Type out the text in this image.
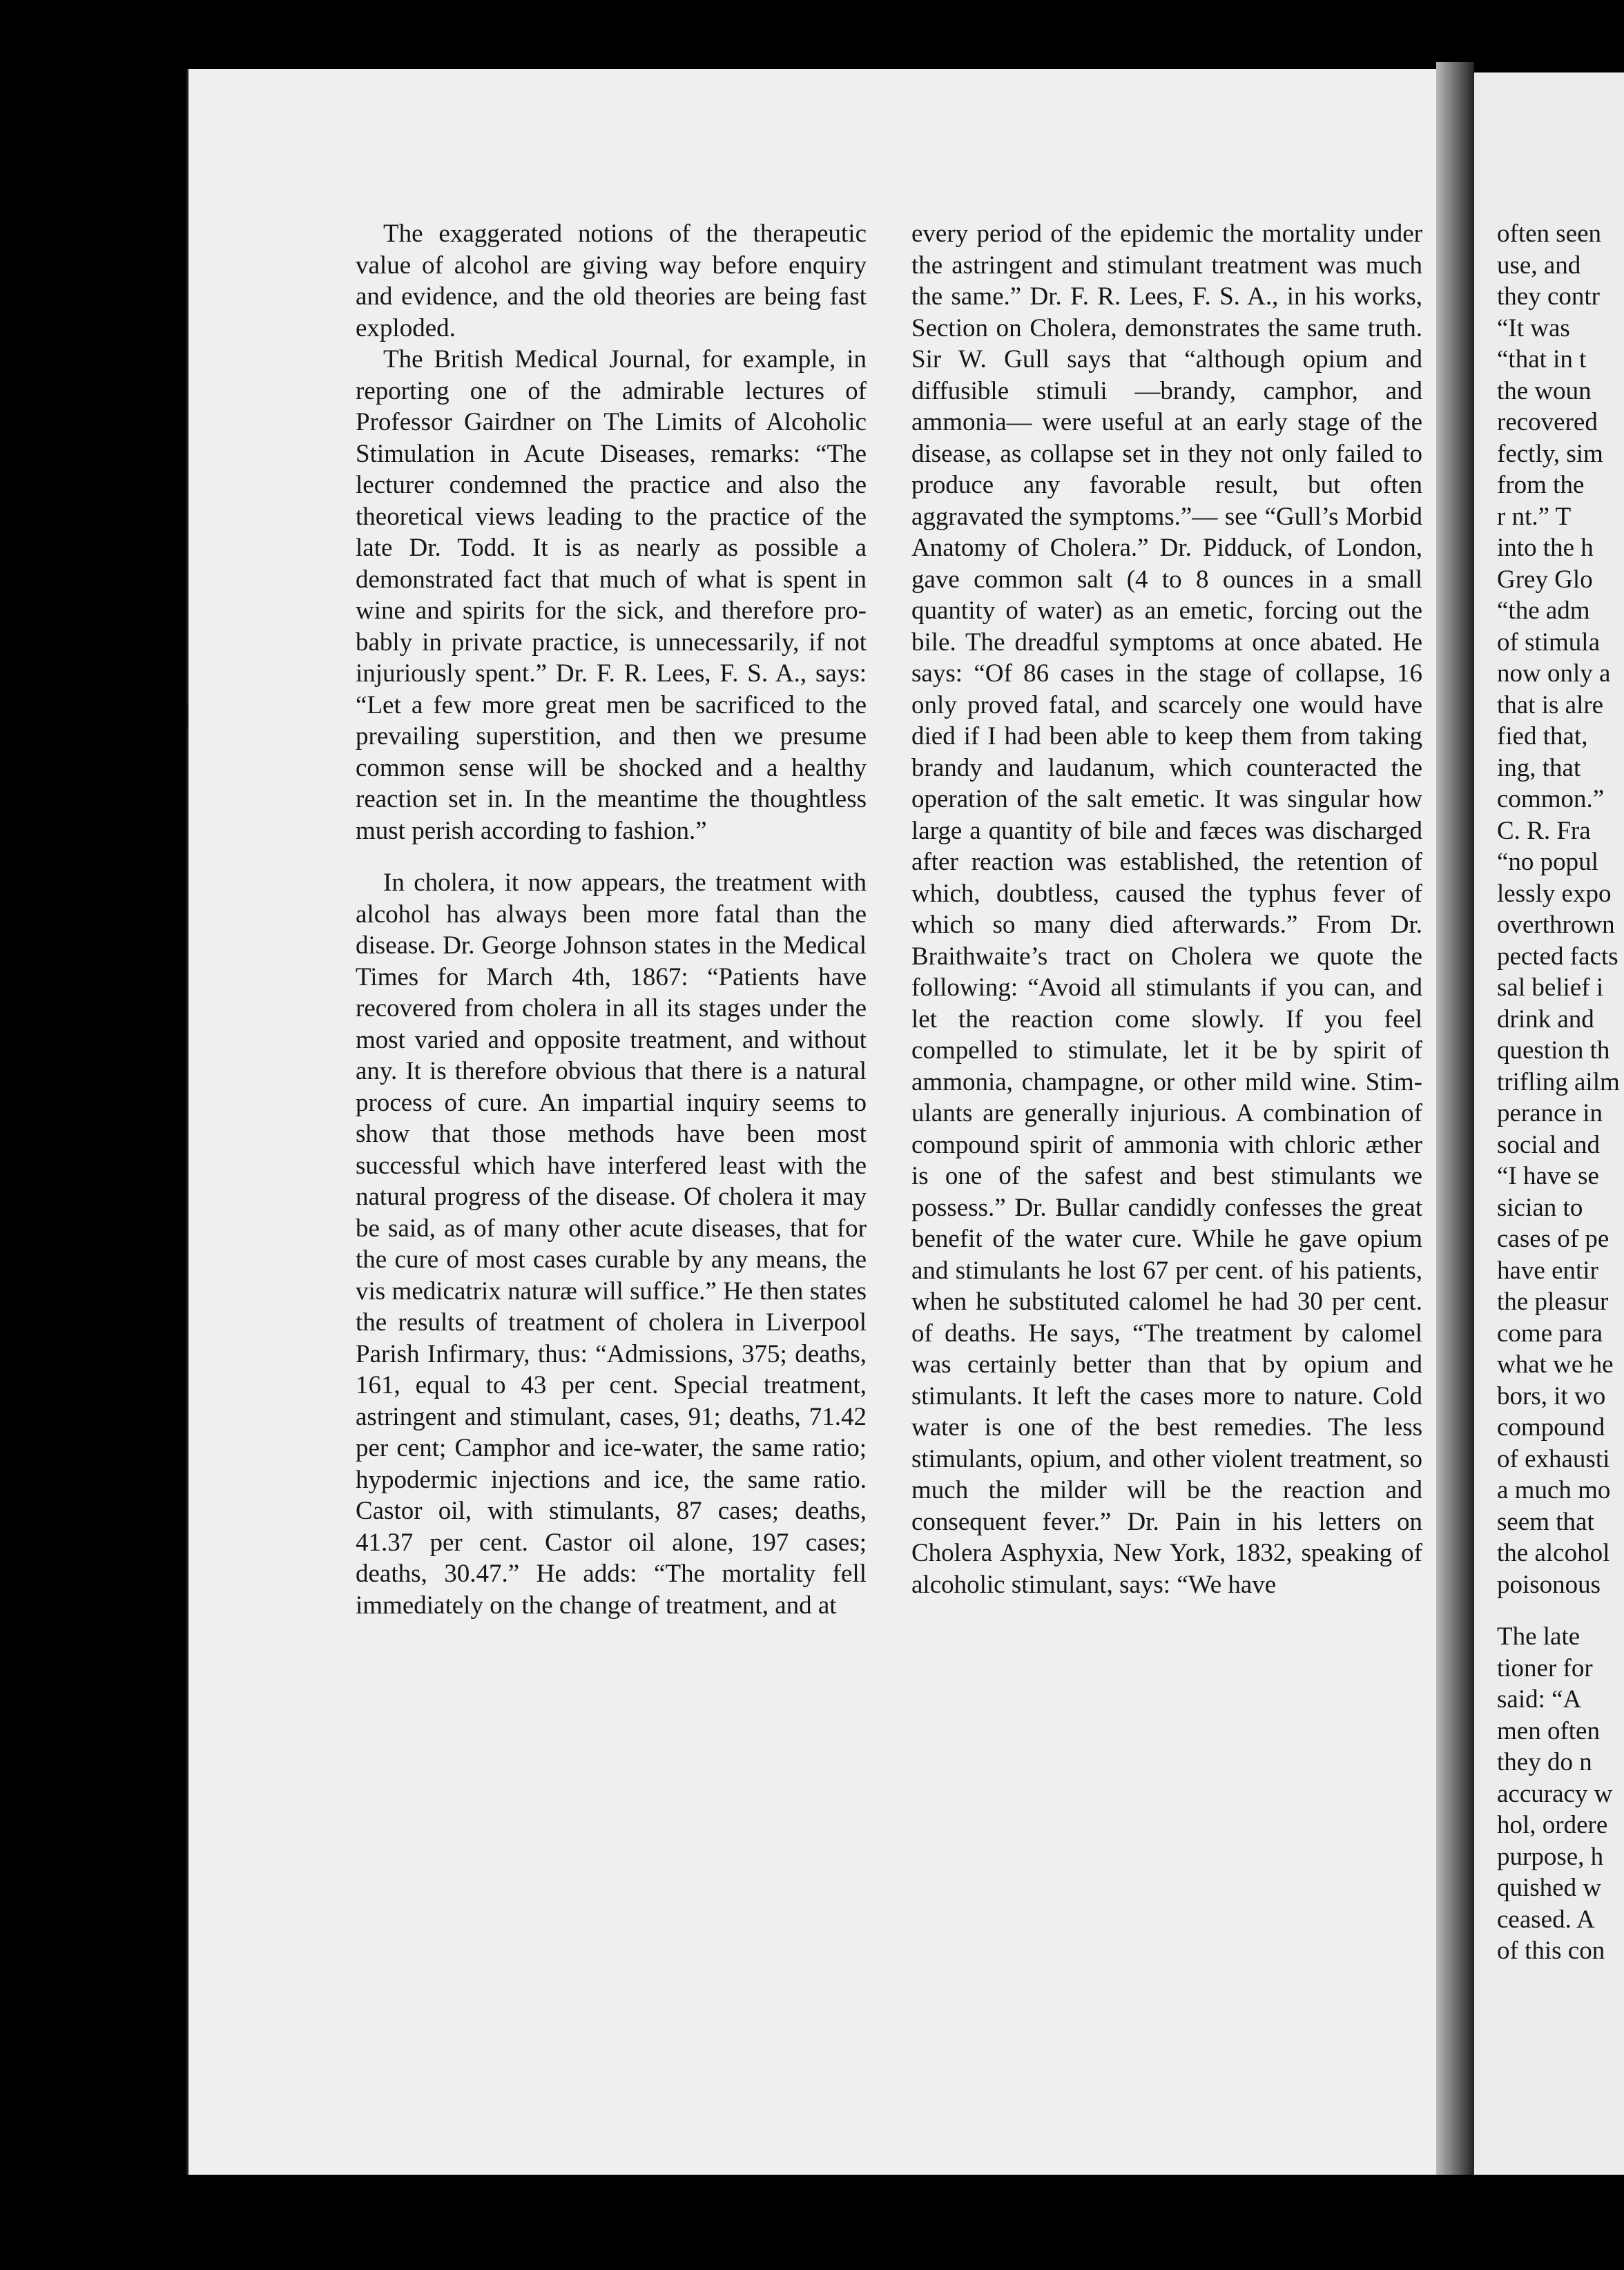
|

The exaggerated notions of the therapeutic value of alcohol are giving way before enquiry and evidence, and the old theories are being fast exploded.

The British Medical Journal, for example, in reporting one of the admirable lectures of Professor Gairdner on The Limits of Alcoholic Stimulation in Acute Diseases, remarks: “The lecturer condemned the practice and also the theoretical views leading to the practice of the late Dr. Todd. It is as nearly as possible a demonstrated fact that much of what is spent in wine and spirits for the sick, and therefore probably in private practice, is unnecessarily, if not injuriously spent.” Dr. F. R. Lees, F. S. A., says: “Let a few more great men be sacrificed to the prevailing superstition, and then we presume common sense will be shocked and a healthy reaction set in. In the meantime the thoughtless must perish according to fashion.”

In cholera, it now appears, the treatment with alcohol has always been more fatal than the disease. Dr. George Johnson states in the Medical Times for March 4th, 1867: “Patients have recovered from cholera in all its stages under the most varied and opposite treatment, and without any. It is therefore obvious that there is a natural process of cure. An impartial inquiry seems to show that those methods have been most successful which have interfered least with the natural progress of the disease. Of cholera it may be said, as of many other acute diseases, that for the cure of most cases curable by any means, the vis medicatrix naturæ will suffice.” He then states the results of treatment of cholera in Liverpool Parish Infirmary, thus: “Admissions, 375; deaths, 161, equal to 43 per cent. Special treatment, astringent and stimulant, cases, 91; deaths, 71.42 per cent; Camphor and ice-water, the same ratio; hypodermic injections and ice, the same ratio. Castor oil, with stimulants, 87 cases; deaths, 41.37 per cent. Castor oil alone, 197 cases; deaths, 30.47.” He adds: “The mortality fell immediately on the change of treatment, and at

every period of the epidemic the mortality under the astringent and stimulant treatment was much the same.” Dr. F. R. Lees, F. S. A., in his works, Section on Cholera, demonstrates the same truth. Sir W. Gull says that “although opium and diffusible stimuli —brandy, camphor, and ammonia— were useful at an early stage of the disease, as collapse set in they not only failed to produce any favorable result, but often aggravated the symptoms.”— see “Gull’s Morbid Anatomy of Cholera.” Dr. Pidduck, of London, gave common salt (4 to 8 ounces in a small quantity of water) as an emetic, forcing out the bile. The dreadful symptoms at once abated. He says: “Of 86 cases in the stage of collapse, 16 only proved fatal, and scarcely one would have died if I had been able to keep them from taking brandy and laudanum, which counteracted the operation of the salt emetic. It was singular how large a quantity of bile and fæces was discharged after reaction was established, the retention of which, doubtless, caused the typhus fever of which so many died afterwards.” From Dr. Braithwaite’s tract on Cholera we quote the following: “Avoid all stimulants if you can, and let the reaction come slowly. If you feel compelled to stimulate, let it be by spirit of ammonia, champagne, or other mild wine. Stimulants are generally injurious. A combination of compound spirit of ammonia with chloric æther is one of the safest and best stimulants we possess.” Dr. Bullar candidly confesses the great benefit of the water cure. While he gave opium and stimulants he lost 67 per cent. of his patients, when he substituted calomel he had 30 per cent. of deaths. He says, “The treatment by calomel was certainly better than that by opium and stimulants. It left the cases more to nature. Cold water is one of the best remedies. The less stimulants, opium, and other violent treatment, so much the milder will be the reaction and consequent fever.” Dr. Pain in his letters on Cholera Asphyxia, New York, 1832, speaking of alcoholic stimulant, says: “We have

often seen
use, and
they contr
“It was
“that in t
the woun
recovered
fectly, sim
from the
r nt.” T
into the h
Grey Glo
“the adm
of stimula
now only a
that is alre
fied that,
ing, that
common.”
C. R. Fra
“no popul
lessly expo
overthrown
pected facts
sal belief i
drink and
question th
trifling ailm
perance in
social and
“I have se
sician to
cases of pe
have entir
the pleasur
come para
what we he
bors, it wo
compound
of exhausti
a much mo
seem that
the alcohol
poisonous
The late
tioner for
said: “A
men often
they do n
accuracy w
hol, ordere
purpose, h
quished w
ceased. A
of this con
